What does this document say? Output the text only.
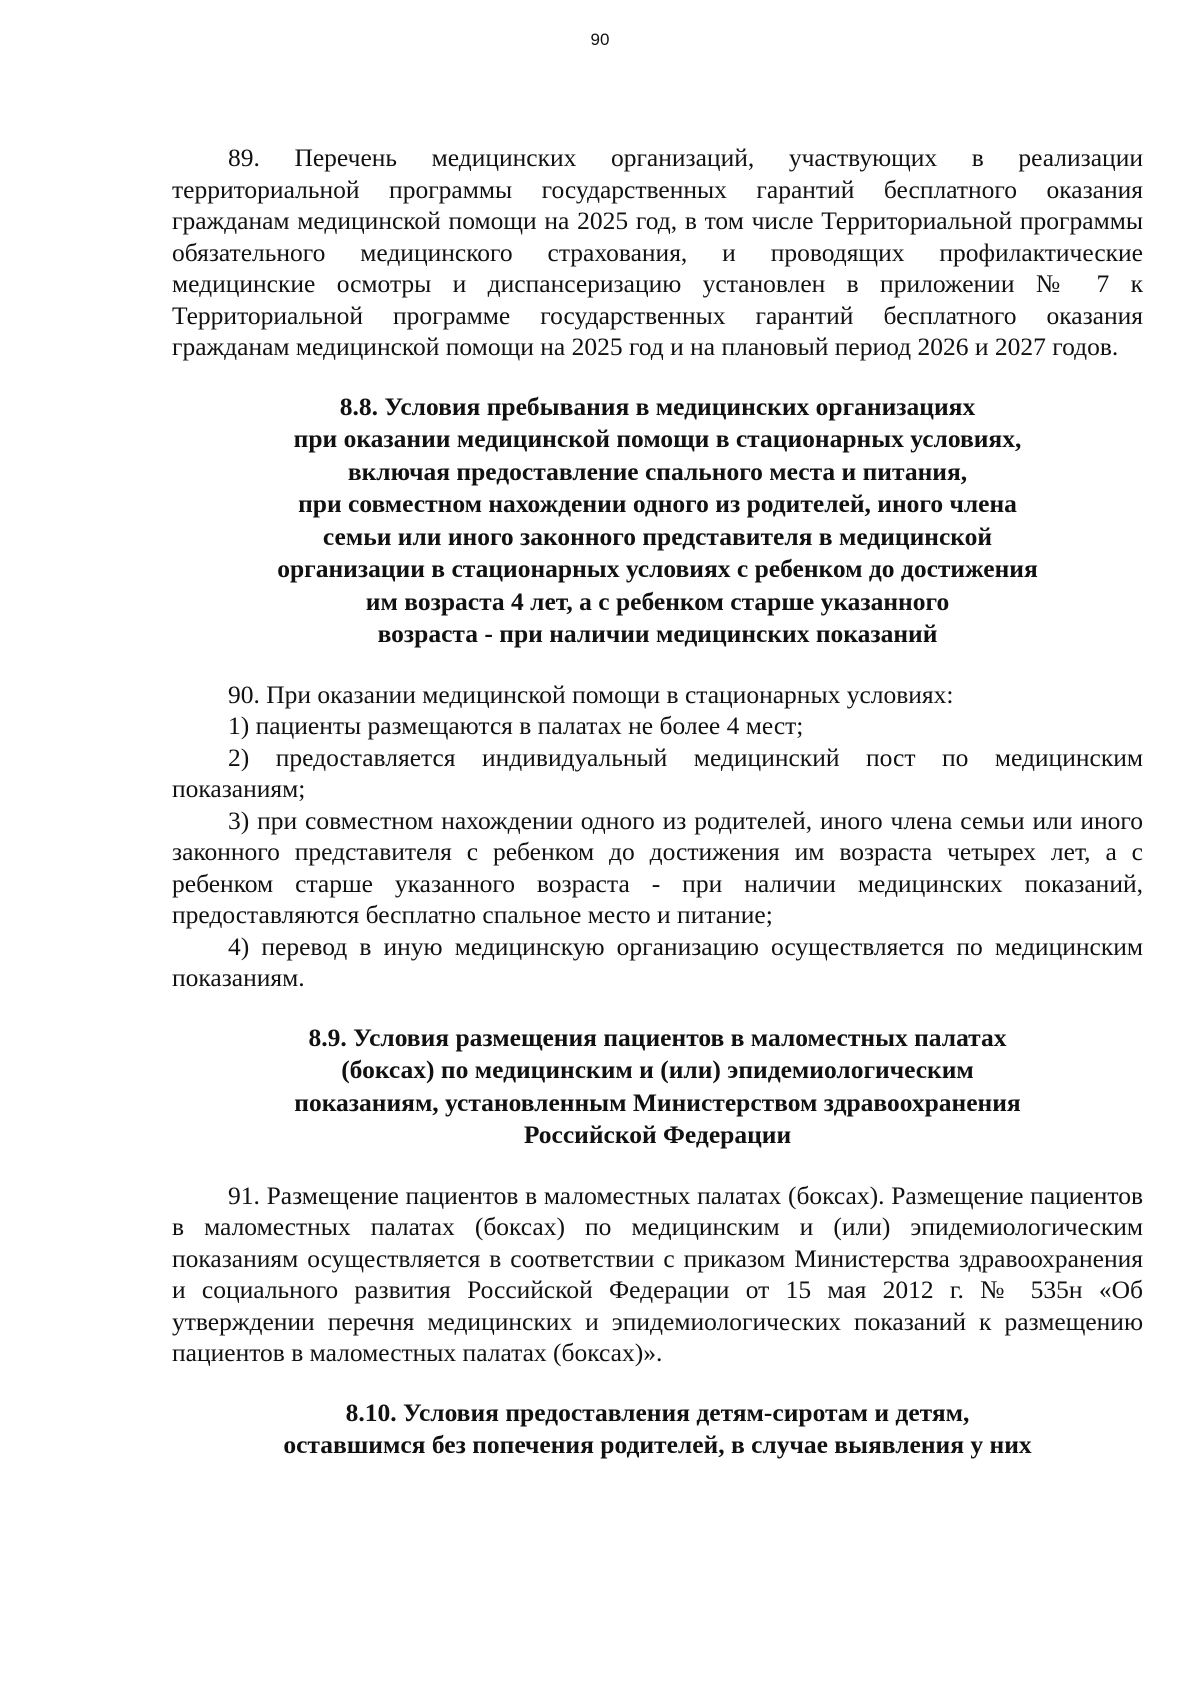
90

89. Перечень медицинских организаций, участвующих в реализации территориальной программы государственных гарантий бесплатного оказания гражданам медицинской помощи на 2025 год, в том числе Территориальной программы обязательного медицинского страхования, и проводящих профилактические медицинские осмотры и диспансеризацию установлен в приложении № 7 к Территориальной программе государственных гарантий бесплатного оказания гражданам медицинской помощи на 2025 год и на плановый период 2026 и 2027 годов.

8.8. Условия пребывания в медицинских организациях
при оказании медицинской помощи в стационарных условиях,
включая предоставление спального места и питания,
при совместном нахождении одного из родителей, иного члена
семьи или иного законного представителя в медицинской
организации в стационарных условиях с ребенком до достижения
им возраста 4 лет, а с ребенком старше указанного
возраста - при наличии медицинских показаний

90. При оказании медицинской помощи в стационарных условиях:

1) пациенты размещаются в палатах не более 4 мест;

2) предоставляется индивидуальный медицинский пост по медицинским показаниям;

3) при совместном нахождении одного из родителей, иного члена семьи или иного законного представителя с ребенком до достижения им возраста четырех лет, а с ребенком старше указанного возраста - при наличии медицинских показаний, предоставляются бесплатно спальное место и питание;

4) перевод в иную медицинскую организацию осуществляется по медицинским показаниям.

8.9. Условия размещения пациентов в маломестных палатах
(боксах) по медицинским и (или) эпидемиологическим
показаниям, установленным Министерством здравоохранения
Российской Федерации

91. Размещение пациентов в маломестных палатах (боксах). Размещение пациентов в маломестных палатах (боксах) по медицинским и (или) эпидемиологическим показаниям осуществляется в соответствии с приказом Министерства здравоохранения и социального развития Российской Федерации от 15 мая 2012 г. № 535н «Об утверждении перечня медицинских и эпидемиологических показаний к размещению пациентов в маломестных палатах (боксах)».

8.10. Условия предоставления детям-сиротам и детям,
оставшимся без попечения родителей, в случае выявления у них
